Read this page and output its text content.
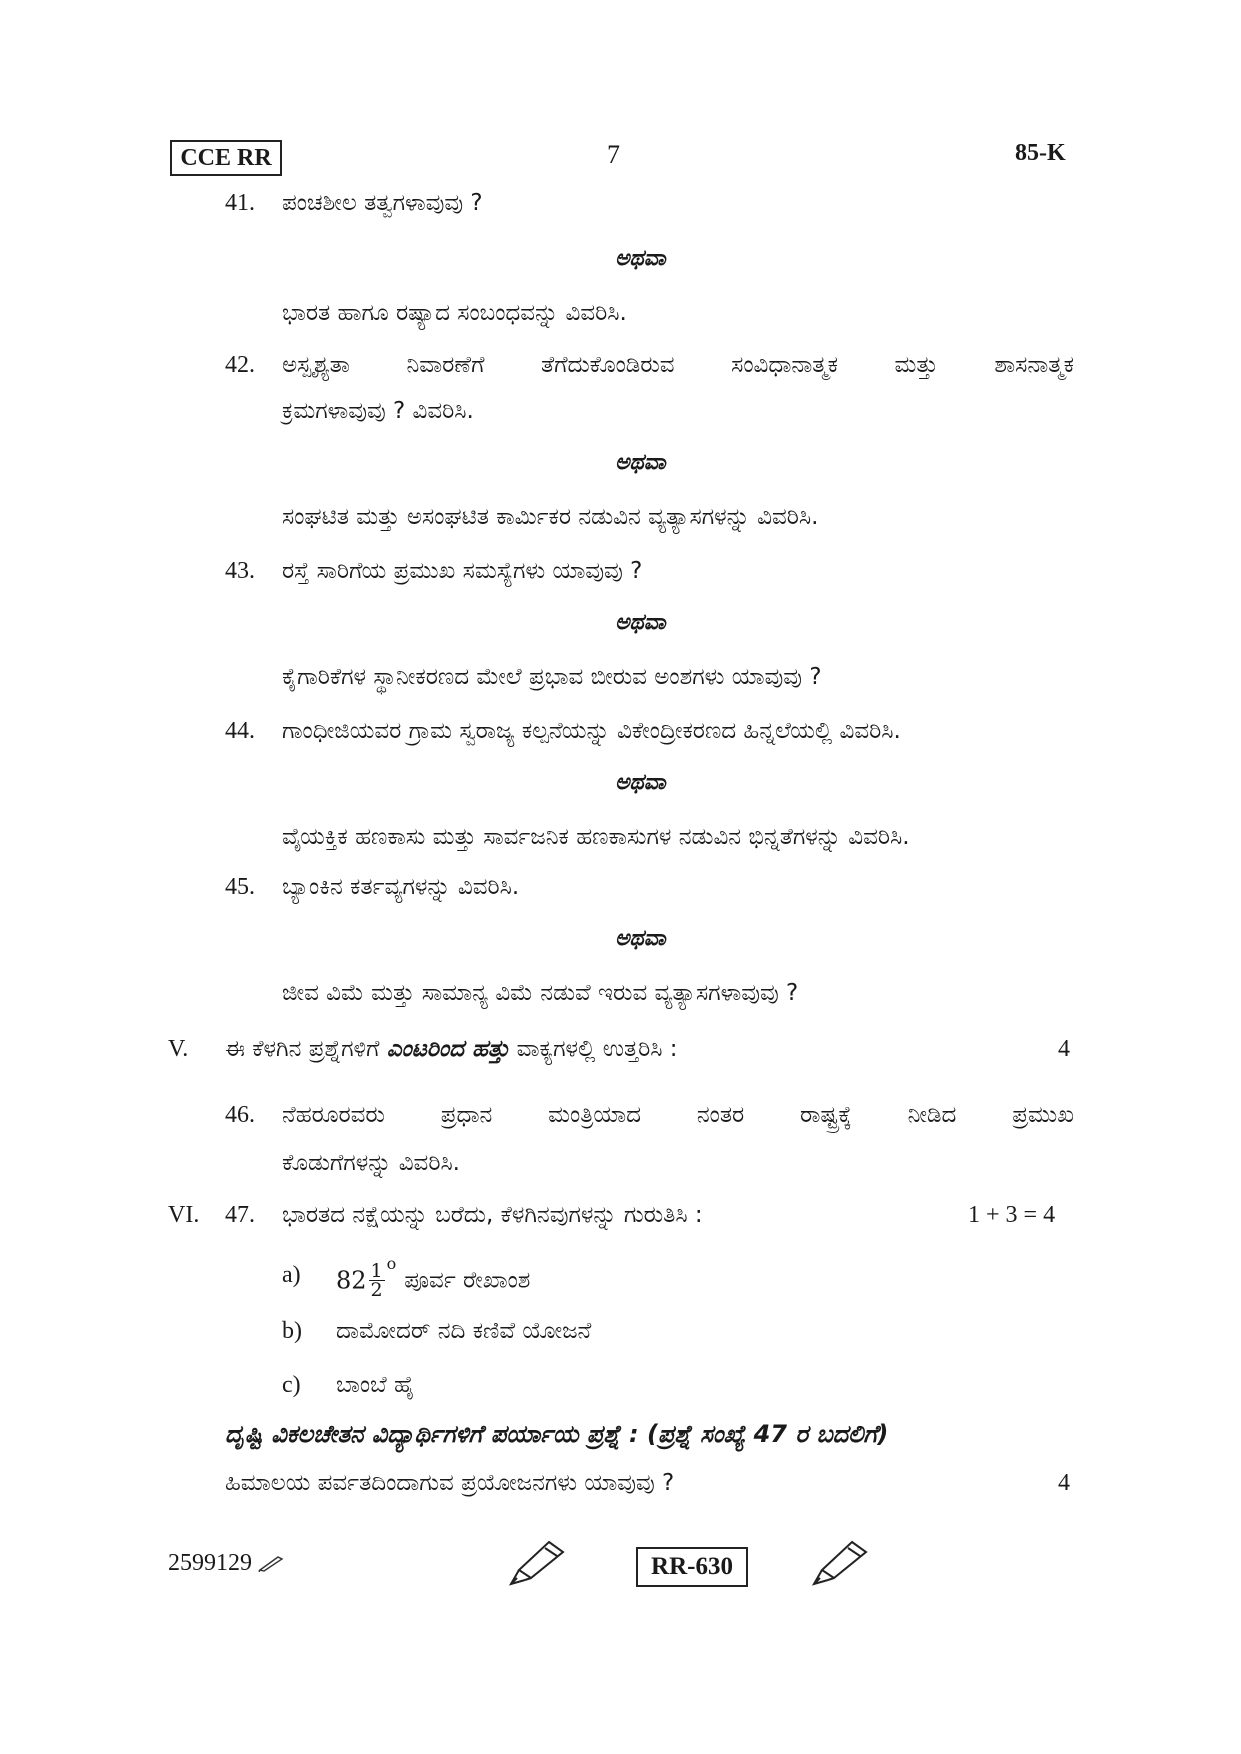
CCE RR	7	85-K
41. ಪಂಚಶೀಲ ತತ್ವಗಳಾವುವು ?
ಅಥವಾ
ಭಾರತ ಹಾಗೂ ರಷ್ಯಾದ ಸಂಬಂಧವನ್ನು ವಿವರಿಸಿ.
42. ಅಸ್ಪೃಶ್ಯತಾ ನಿವಾರಣೆಗೆ ತೆಗೆದುಕೊಂಡಿರುವ ಸಂವಿಧಾನಾತ್ಮಕ ಮತ್ತು ಶಾಸನಾತ್ಮಕ
ಕ್ರಮಗಳಾವುವು ? ವಿವರಿಸಿ.
ಅಥವಾ
ಸಂಘಟಿತ ಮತ್ತು ಅಸಂಘಟಿತ ಕಾರ್ಮಿಕರ ನಡುವಿನ ವ್ಯತ್ಯಾಸಗಳನ್ನು ವಿವರಿಸಿ.
43. ರಸ್ತೆ ಸಾರಿಗೆಯ ಪ್ರಮುಖ ಸಮಸ್ಯೆಗಳು ಯಾವುವು ?
ಅಥವಾ
ಕೈಗಾರಿಕೆಗಳ ಸ್ಥಾನೀಕರಣದ ಮೇಲೆ ಪ್ರಭಾವ ಬೀರುವ ಅಂಶಗಳು ಯಾವುವು ?
44. ಗಾಂಧೀಜಿಯವರ ಗ್ರಾಮ ಸ್ವರಾಜ್ಯ ಕಲ್ಪನೆಯನ್ನು ವಿಕೇಂದ್ರೀಕರಣದ ಹಿನ್ನಲೆಯಲ್ಲಿ ವಿವರಿಸಿ.
ಅಥವಾ
ವೈಯಕ್ತಿಕ ಹಣಕಾಸು ಮತ್ತು ಸಾರ್ವಜನಿಕ ಹಣಕಾಸುಗಳ ನಡುವಿನ ಭಿನ್ನತೆಗಳನ್ನು ವಿವರಿಸಿ.
45. ಬ್ಯಾಂಕಿನ ಕರ್ತವ್ಯಗಳನ್ನು ವಿವರಿಸಿ.
ಅಥವಾ
ಜೀವ ವಿಮೆ ಮತ್ತು ಸಾಮಾನ್ಯ ವಿಮೆ ನಡುವೆ ಇರುವ ವ್ಯತ್ಯಾಸಗಳಾವುವು ?
V. ಈ ಕೆಳಗಿನ ಪ್ರಶ್ನೆಗಳಿಗೆ ಎಂಟರಿಂದ ಹತ್ತು ವಾಕ್ಯಗಳಲ್ಲಿ ಉತ್ತರಿಸಿ :	4
46. ನೆಹರೂರವರು ಪ್ರಧಾನ ಮಂತ್ರಿಯಾದ ನಂತರ ರಾಷ್ಟ್ರಕ್ಕೆ ನೀಡಿದ ಪ್ರಮುಖ
ಕೊಡುಗೆಗಳನ್ನು ವಿವರಿಸಿ.
VI. 47. ಭಾರತದ ನಕ್ಷೆಯನ್ನು ಬರೆದು, ಕೆಳಗಿನವುಗಳನ್ನು ಗುರುತಿಸಿ :	1 + 3 = 4
a) $82 \frac{1}{2}$ $^o$ಪೂರ್ವ ರೇಖಾಂಶ
b) ದಾಮೋದರ್ ನದಿ ಕಣಿವೆ ಯೋಜನೆ
c) ಬಾಂಬೆ ಹೈ
ದೃಷ್ಟಿ ವಿಕಲಚೇತನ ವಿದ್ಯಾರ್ಥಿಗಳಿಗೆ ಪರ್ಯಾಯ ಪ್ರಶ್ನೆ : (ಪ್ರಶ್ನೆ ಸಂಖ್ಯೆ 47 ರ ಬದಲಿಗೆ)
ಹಿಮಾಲಯ ಪರ್ವತದಿಂದಾಗುವ ಪ್ರಯೋಜನಗಳು ಯಾವುವು ?	4
2599129	RR-630
